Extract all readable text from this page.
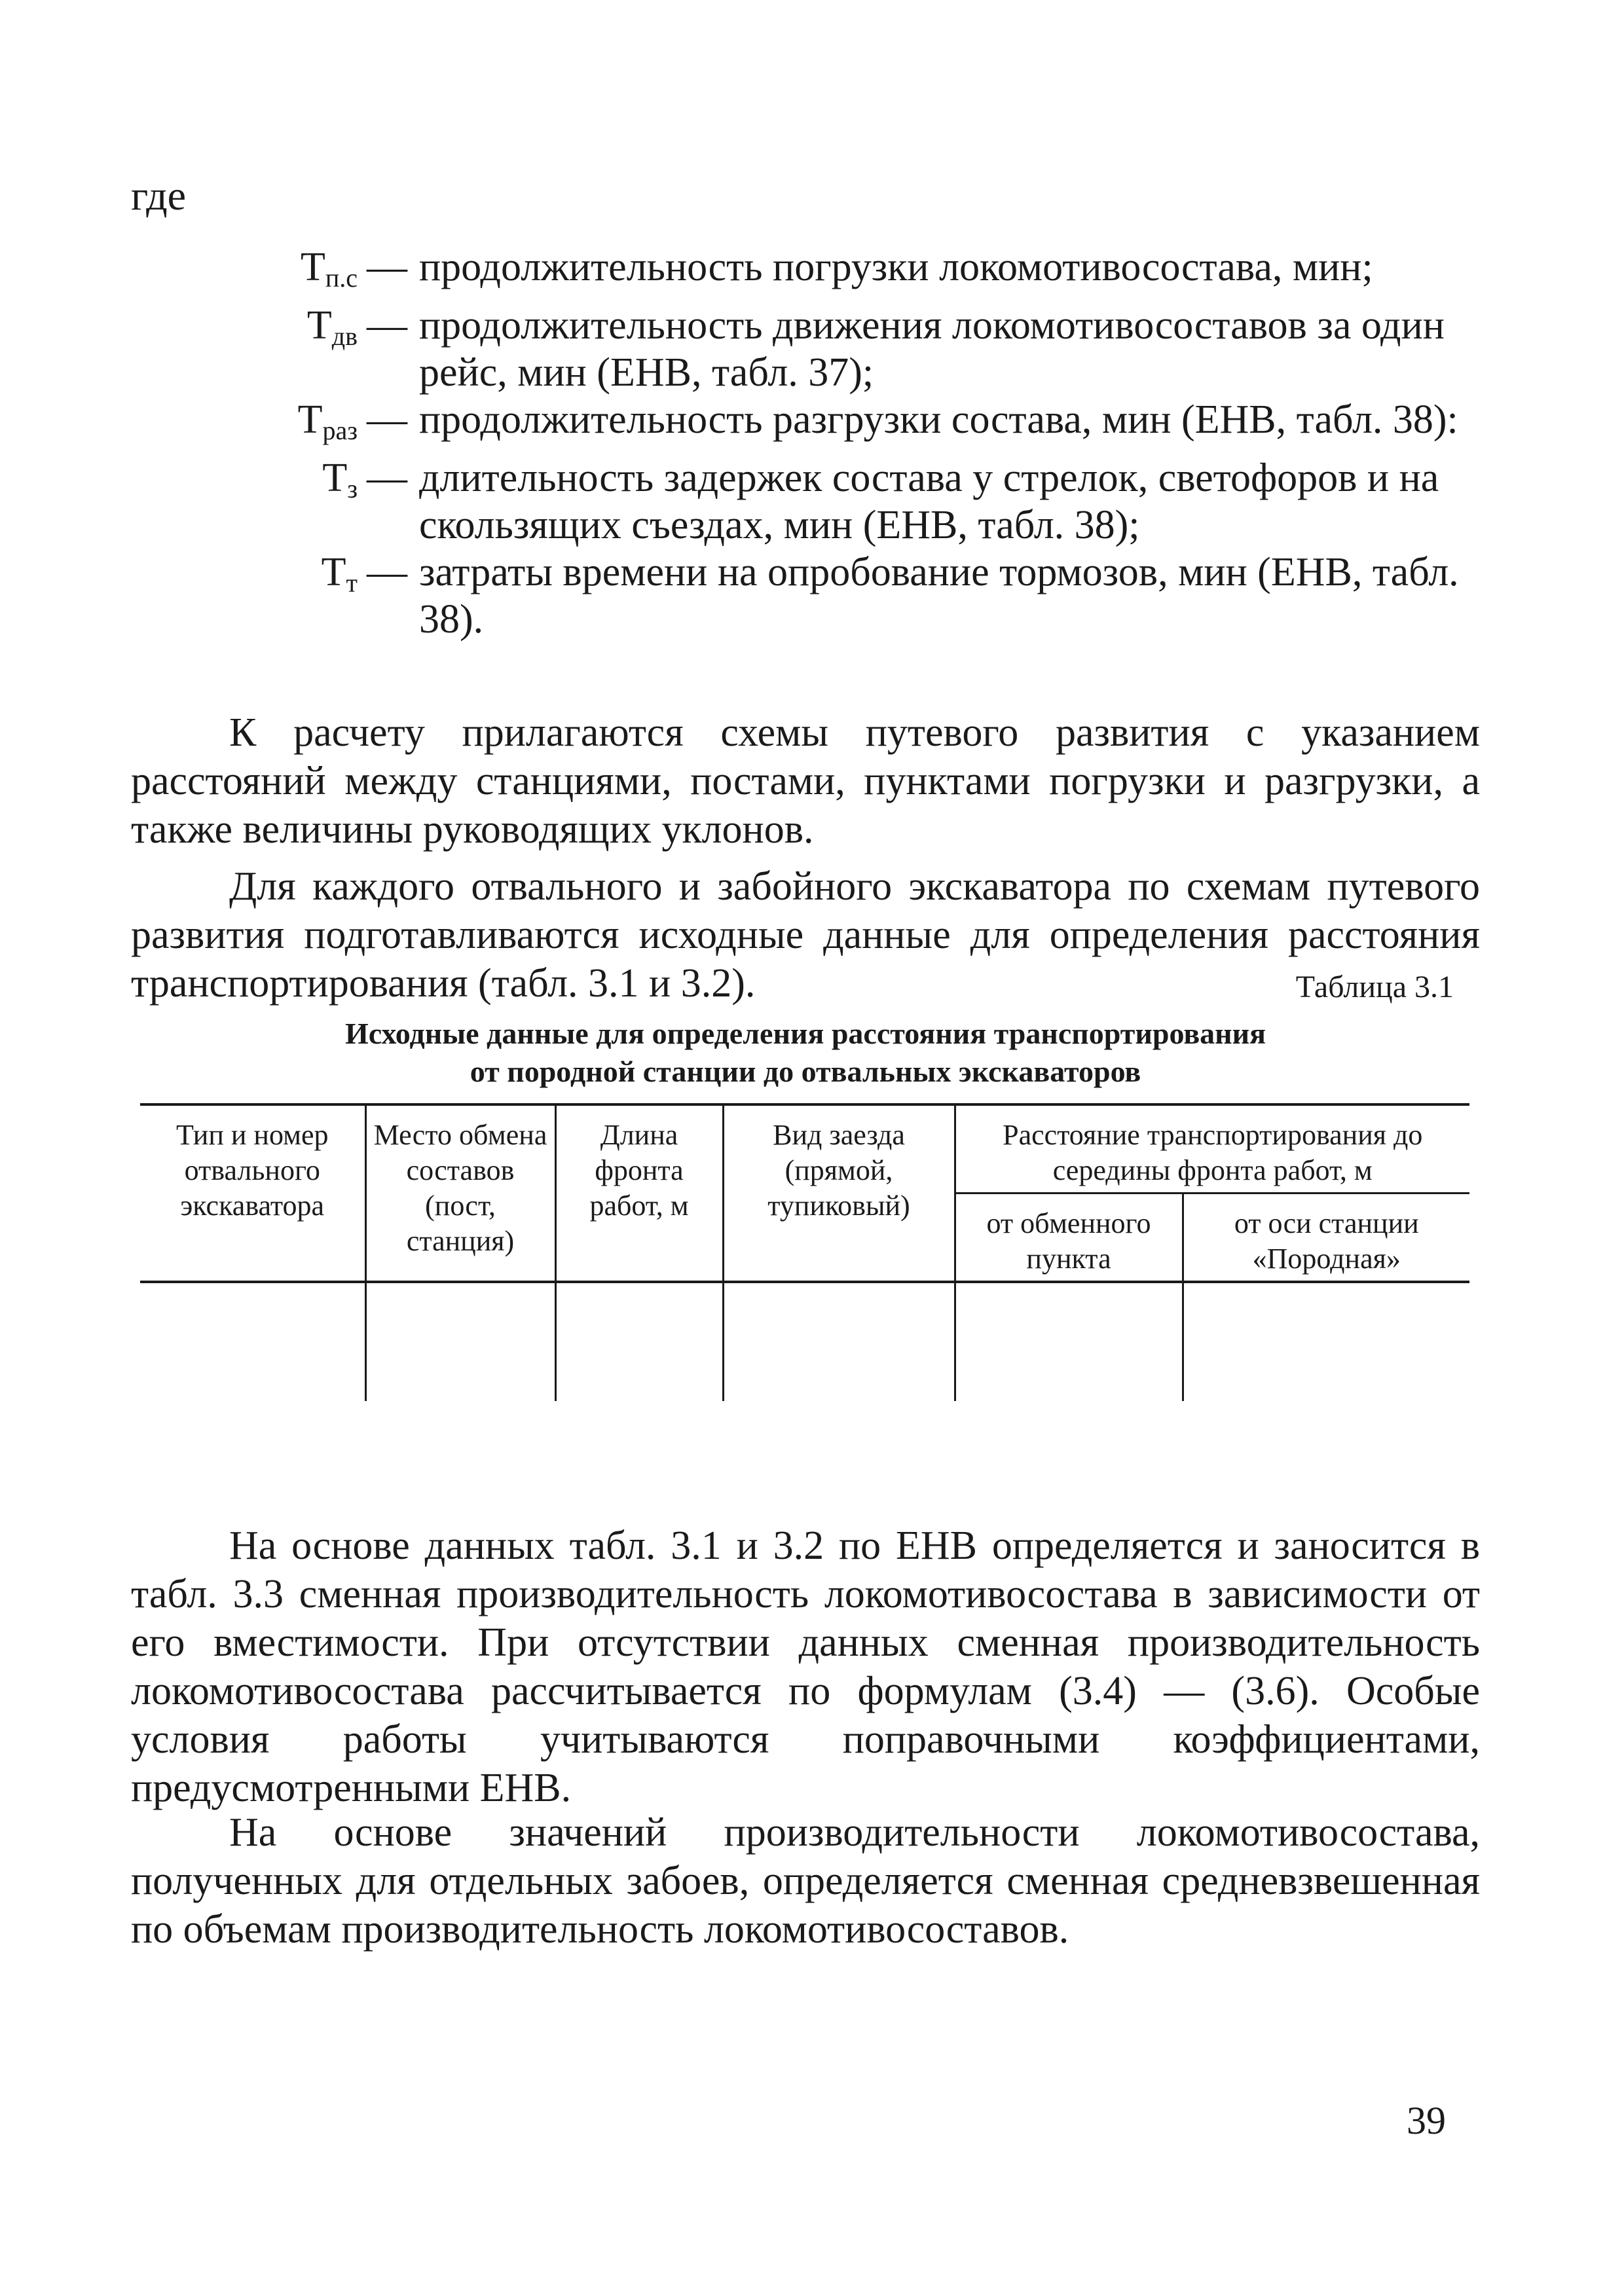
где
$Т_{п.с}$ — продолжительность погрузки локомотивосостава, мин;
$Т_{дв}$ — продолжительность движения локомотивосоставов за один рейс, мин (ЕНВ, табл. 37);
$Т_{раз}$ — продолжительность разгрузки состава, мин (ЕНВ, табл. 38):
$Т_з$ — длительность задержек состава у стрелок, светофоров и на скользящих съездах, мин (ЕНВ, табл. 38);
$Т_т$ — затраты времени на опробование тормозов, мин (ЕНВ, табл. 38).

К расчету прилагаются схемы путевого развития с указанием расстояний между станциями, постами, пунктами погрузки и разгрузки, а также величины руководящих уклонов.

Для каждого отвального и забойного экскаватора по схемам путевого развития подготавливаются исходные данные для определения расстояния транспортирования (табл. 3.1 и 3.2).	Таблица 3.1
Исходные данные для определения расстояния транспортирования
от породной станции до отвальных экскаваторов
Тип и номер отвального экскаватора	Место обмена составов (пост, станция)	Длина фронта работ, м	Вид заезда (прямой, тупиковый)	Расстояние транспортирования до середины фронта работ, м	
				от обменного пункта	от оси станции «Породная»

На основе данных табл. 3.1 и 3.2 по ЕНВ определяется и заносится в табл. 3.3 сменная производительность локомотивосостава в зависимости от его вместимости. При отсутствии данных сменная производительность локомотивосостава рассчитывается по формулам (3.4) — (3.6). Особые условия работы учитываются поправочными коэффициентами, предусмотренными ЕНВ.

На основе значений производительности локомотивосостава, полученных для отдельных забоев, определяется сменная средневзвешенная по объемам производительность локомотивосоставов.

39
